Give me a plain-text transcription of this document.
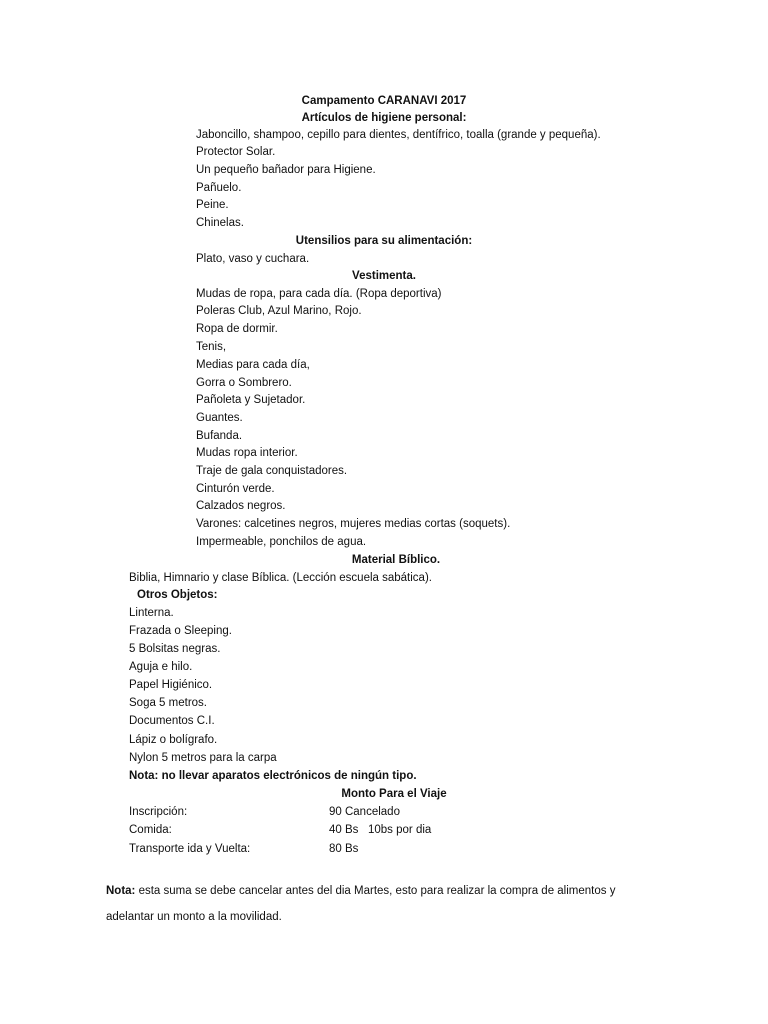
Campamento CARANAVI 2017
Artículos de higiene personal:
Jaboncillo, shampoo, cepillo para dientes, dentífrico, toalla (grande y pequeña).
Protector Solar.
Un pequeño bañador para Higiene.
Pañuelo.
Peine.
Chinelas.
Utensilios para su alimentación:
Plato, vaso y cuchara.
Vestimenta.
Mudas de ropa, para cada día. (Ropa deportiva)
Poleras Club, Azul Marino, Rojo.
Ropa de dormir.
Tenis,
Medias para cada día,
Gorra o Sombrero.
Pañoleta y Sujetador.
Guantes.
Bufanda.
Mudas ropa interior.
Traje de gala conquistadores.
Cinturón verde.
Calzados negros.
Varones: calcetines negros, mujeres medias cortas (soquets).
Impermeable, ponchilos de agua.
Material Bíblico.
Biblia, Himnario y clase Bíblica. (Lección escuela sabática).
Otros Objetos:
Linterna.
Frazada o Sleeping.
5 Bolsitas negras.
Aguja e hilo.
Papel Higiénico.
Soga 5 metros.
Documentos C.I.
Lápiz o bolígrafo.
Nylon 5 metros para la carpa
Nota: no llevar aparatos electrónicos de ningún tipo.
Monto Para el Viaje
Inscripción:	90 Cancelado
Comida:	40 Bs   10bs por dia
Transporte ida y Vuelta:	80 Bs
Nota: esta suma se debe cancelar antes del dia Martes, esto para realizar la compra de alimentos y adelantar un monto a la movilidad.
